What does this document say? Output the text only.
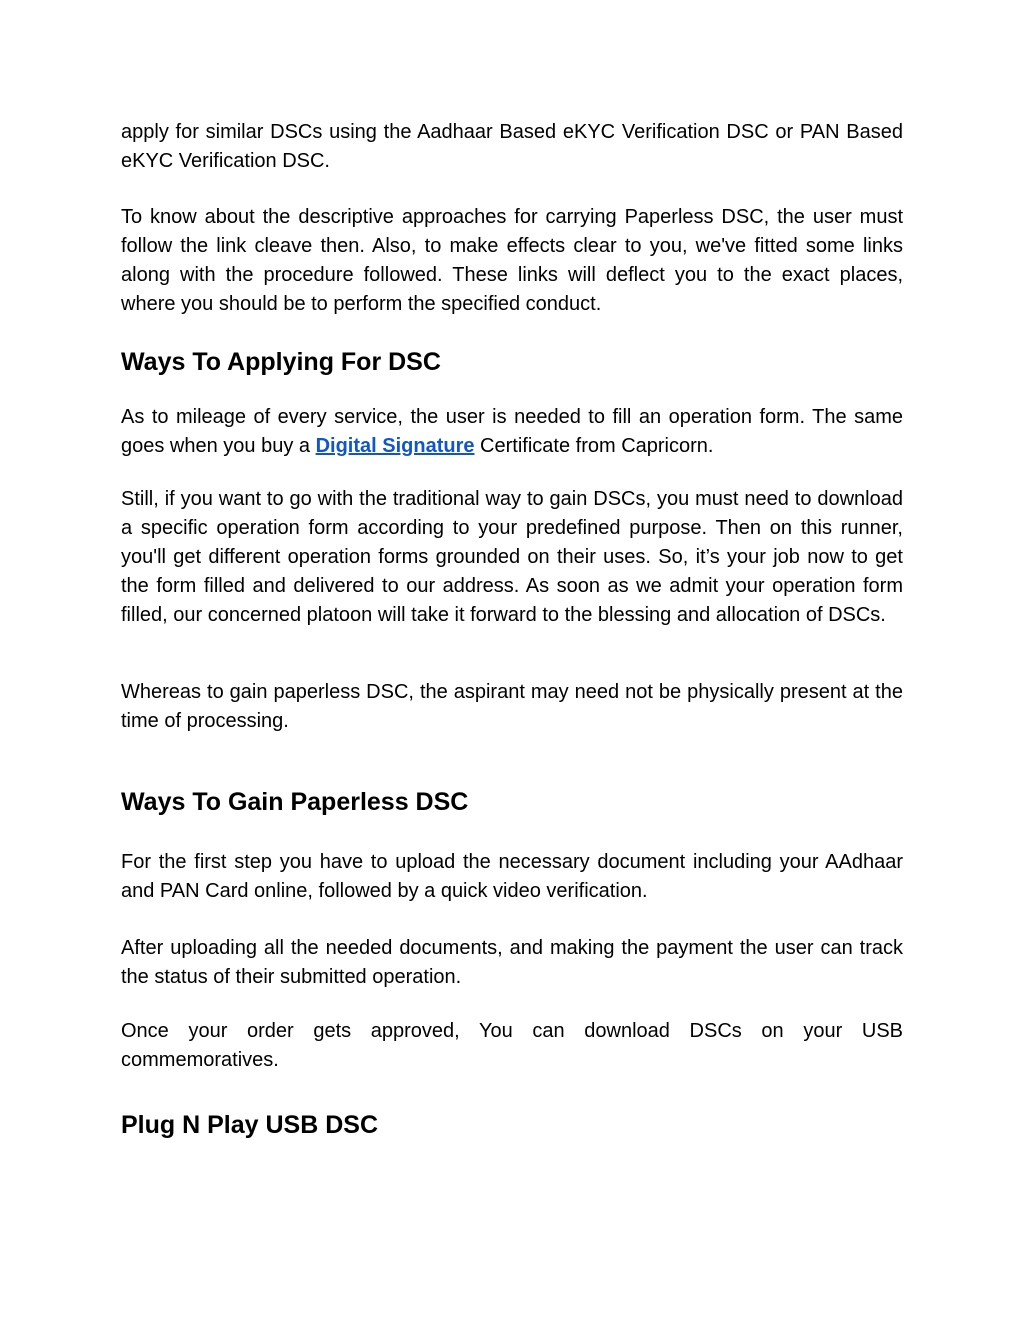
apply for similar DSCs using the Aadhaar Based eKYC Verification DSC or PAN Based eKYC Verification DSC.

To know about the descriptive approaches for carrying Paperless DSC, the user must follow the link cleave then. Also, to make effects clear to you, we've fitted some links along with the procedure followed. These links will deflect you to the exact places, where you should be to perform the specified conduct.

Ways To Applying For DSC

As to mileage of every service, the user is needed to fill an operation form. The same goes when you buy a Digital Signature Certificate from Capricorn.

Still, if you want to go with the traditional way to gain DSCs, you must need to download a specific operation form according to your predefined purpose. Then on this runner, you'll get different operation forms grounded on their uses. So, it’s your job now to get the form filled and delivered to our address. As soon as we admit your operation form filled, our concerned platoon will take it forward to the blessing and allocation of DSCs.

Whereas to gain paperless DSC, the aspirant may need not be physically present at the time of processing.

Ways To Gain Paperless DSC

For the first step you have to upload the necessary document including your AAdhaar and PAN Card online, followed by a quick video verification.

After uploading all the needed documents, and making the payment the user can track the status of their submitted operation.

Once your order gets approved, You can download DSCs on your USB commemoratives.

Plug N Play USB DSC
